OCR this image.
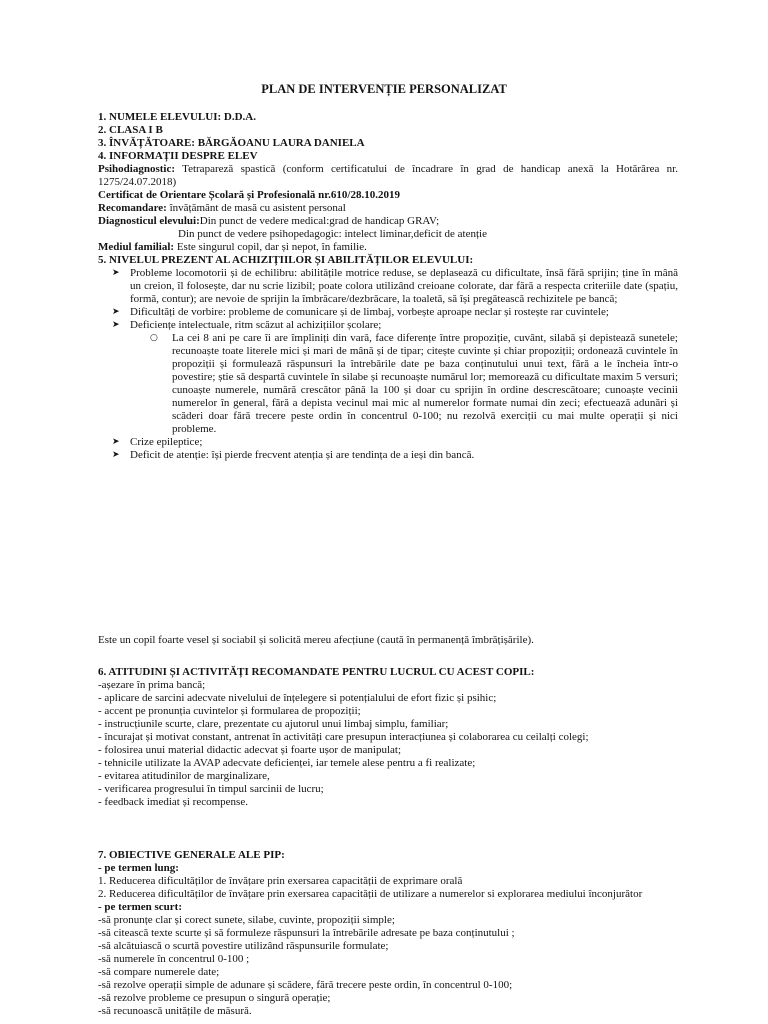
PLAN DE INTERVENȚIE PERSONALIZAT

1. NUMELE ELEVULUI: D.D.A.

2. CLASA I B

3. ÎNVĂȚĂTOARE: BĂRGĂOANU LAURA DANIELA

4. INFORMAȚII DESPRE ELEV

Psihodiagnostic: Tetrapareză spastică (conform certificatului de încadrare în grad de handicap anexă la Hotărârea nr. 1275/24.07.2018)

Certificat de Orientare Școlară și Profesională nr.610/28.10.2019

Recomandare: învățământ de masă cu asistent personal

Diagnosticul elevului:Din punct de vedere medical:grad de handicap GRAV;

Din punct de vedere psihopedagogic: intelect liminar,deficit de atenție

Mediul familial: Este singurul copil, dar și nepot, în familie.

5. NIVELUL PREZENT AL ACHIZIȚIILOR ȘI ABILITĂȚILOR ELEVULUI:

➤ Probleme locomotorii și de echilibru: abilitățile motrice reduse, se deplasează cu dificultate, însă fără sprijin; ține în mână un creion, îl folosește, dar nu scrie lizibil; poate colora utilizând creioane colorate, dar fără a respecta criteriile date (spațiu, formă, contur); are nevoie de sprijin la îmbrăcare/dezbrăcare, la toaletă, să își pregătească rechizitele pe bancă;
➤ Dificultăți de vorbire: probleme de comunicare și de limbaj, vorbește aproape neclar și rostește rar cuvintele;
➤ Deficiențe intelectuale, ritm scăzut al achizițiilor școlare;
○ La cei 8 ani pe care îi are împliniți din vară, face diferențe între propoziție, cuvânt, silabă și depistează sunetele; recunoaște toate literele mici și mari de mână și de tipar; citește cuvinte și chiar propoziții; ordonează cuvintele în propoziții și formulează răspunsuri la întrebările date pe baza conținutului unui text, fără a le încheia într-o povestire; știe să despartă cuvintele în silabe și recunoaște numărul lor; memorează cu dificultate maxim 5 versuri; cunoaște numerele, numără crescător până la 100 și doar cu sprijin în ordine descrescătoare; cunoaște vecinii numerelor în general, fără a depista vecinul mai mic al numerelor formate numai din zeci; efectuează adunări și scăderi doar fără trecere peste ordin în concentrul 0-100; nu rezolvă exerciții cu mai multe operații și nici probleme.
➤ Crize epileptice;
➤ Deficit de atenție: își pierde frecvent atenția și are tendința de a ieși din bancă.

Este un copil foarte vesel și sociabil și solicită mereu afecțiune (caută în permanență îmbrățișările).

6. ATITUDINI ȘI ACTIVITĂȚI RECOMANDATE PENTRU LUCRUL CU ACEST COPIL:

-așezare în prima bancă;

- aplicare de sarcini adecvate nivelului de înțelegere si potențialului de efort fizic și psihic;

- accent pe pronunția cuvintelor și formularea de propoziții;

- instrucțiunile scurte, clare, prezentate cu ajutorul unui limbaj simplu, familiar;

- încurajat și motivat constant, antrenat în activități care presupun interacțiunea și colaborarea cu ceilalți colegi;

- folosirea unui material didactic adecvat și foarte ușor de manipulat;

- tehnicile utilizate la AVAP adecvate deficienței, iar temele alese pentru a fi realizate;

- evitarea atitudinilor de marginalizare,

- verificarea progresului în timpul sarcinii de lucru;

- feedback imediat și recompense.

7. OBIECTIVE GENERALE ALE PIP:

- pe termen lung:

1. Reducerea dificultăților de învățare prin exersarea capacității de exprimare orală

2. Reducerea dificultăților de învățare prin exersarea capacității de utilizare a numerelor si explorarea mediului înconjurător

- pe termen scurt:

-să pronunțe clar și corect sunete, silabe, cuvinte, propoziții simple;

-să citească texte scurte și să formuleze răspunsuri la întrebările adresate pe baza conținutului ;

-să alcătuiască o scurtă povestire utilizând răspunsurile formulate;

-să numerele în concentrul 0-100 ;

-să compare numerele date;

-să rezolve operații simple de adunare și scădere, fără trecere peste ordin, în concentrul 0-100;

-să rezolve probleme ce presupun o singură operație;

-să recunoască unitățile de măsură.
